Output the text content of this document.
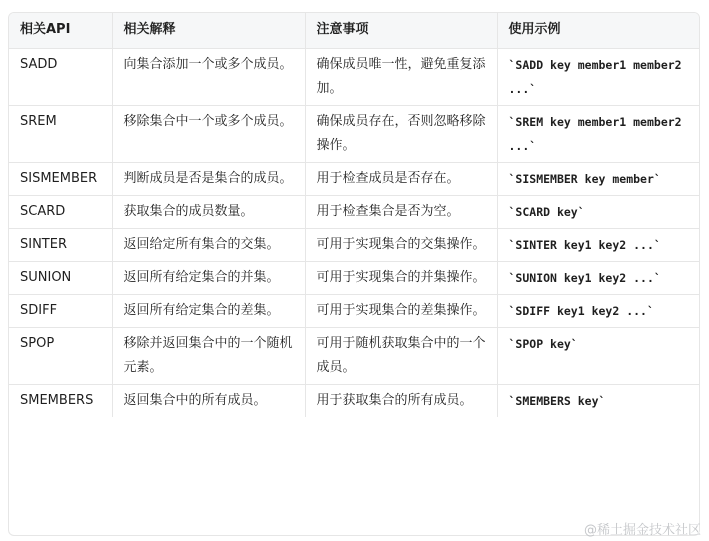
相关API	相关解释	注意事项	使用示例
SADD	向集合添加一个或多个成员。	确保成员唯一性，避免重复添加。	`SADD key member1 member2 ...`
SREM	移除集合中一个或多个成员。	确保成员存在，否则忽略移除操作。	`SREM key member1 member2 ...`
SISMEMBER	判断成员是否是集合的成员。	用于检查成员是否存在。	`SISMEMBER key member`
SCARD	获取集合的成员数量。	用于检查集合是否为空。	`SCARD key`
SINTER	返回给定所有集合的交集。	可用于实现集合的交集操作。	`SINTER key1 key2 ...`
SUNION	返回所有给定集合的并集。	可用于实现集合的并集操作。	`SUNION key1 key2 ...`
SDIFF	返回所有给定集合的差集。	可用于实现集合的差集操作。	`SDIFF key1 key2 ...`
SPOP	移除并返回集合中的一个随机元素。	可用于随机获取集合中的一个成员。	`SPOP key`
SMEMBERS	返回集合中的所有成员。	用于获取集合的所有成员。	`SMEMBERS key`
@稀土掘金技术社区
